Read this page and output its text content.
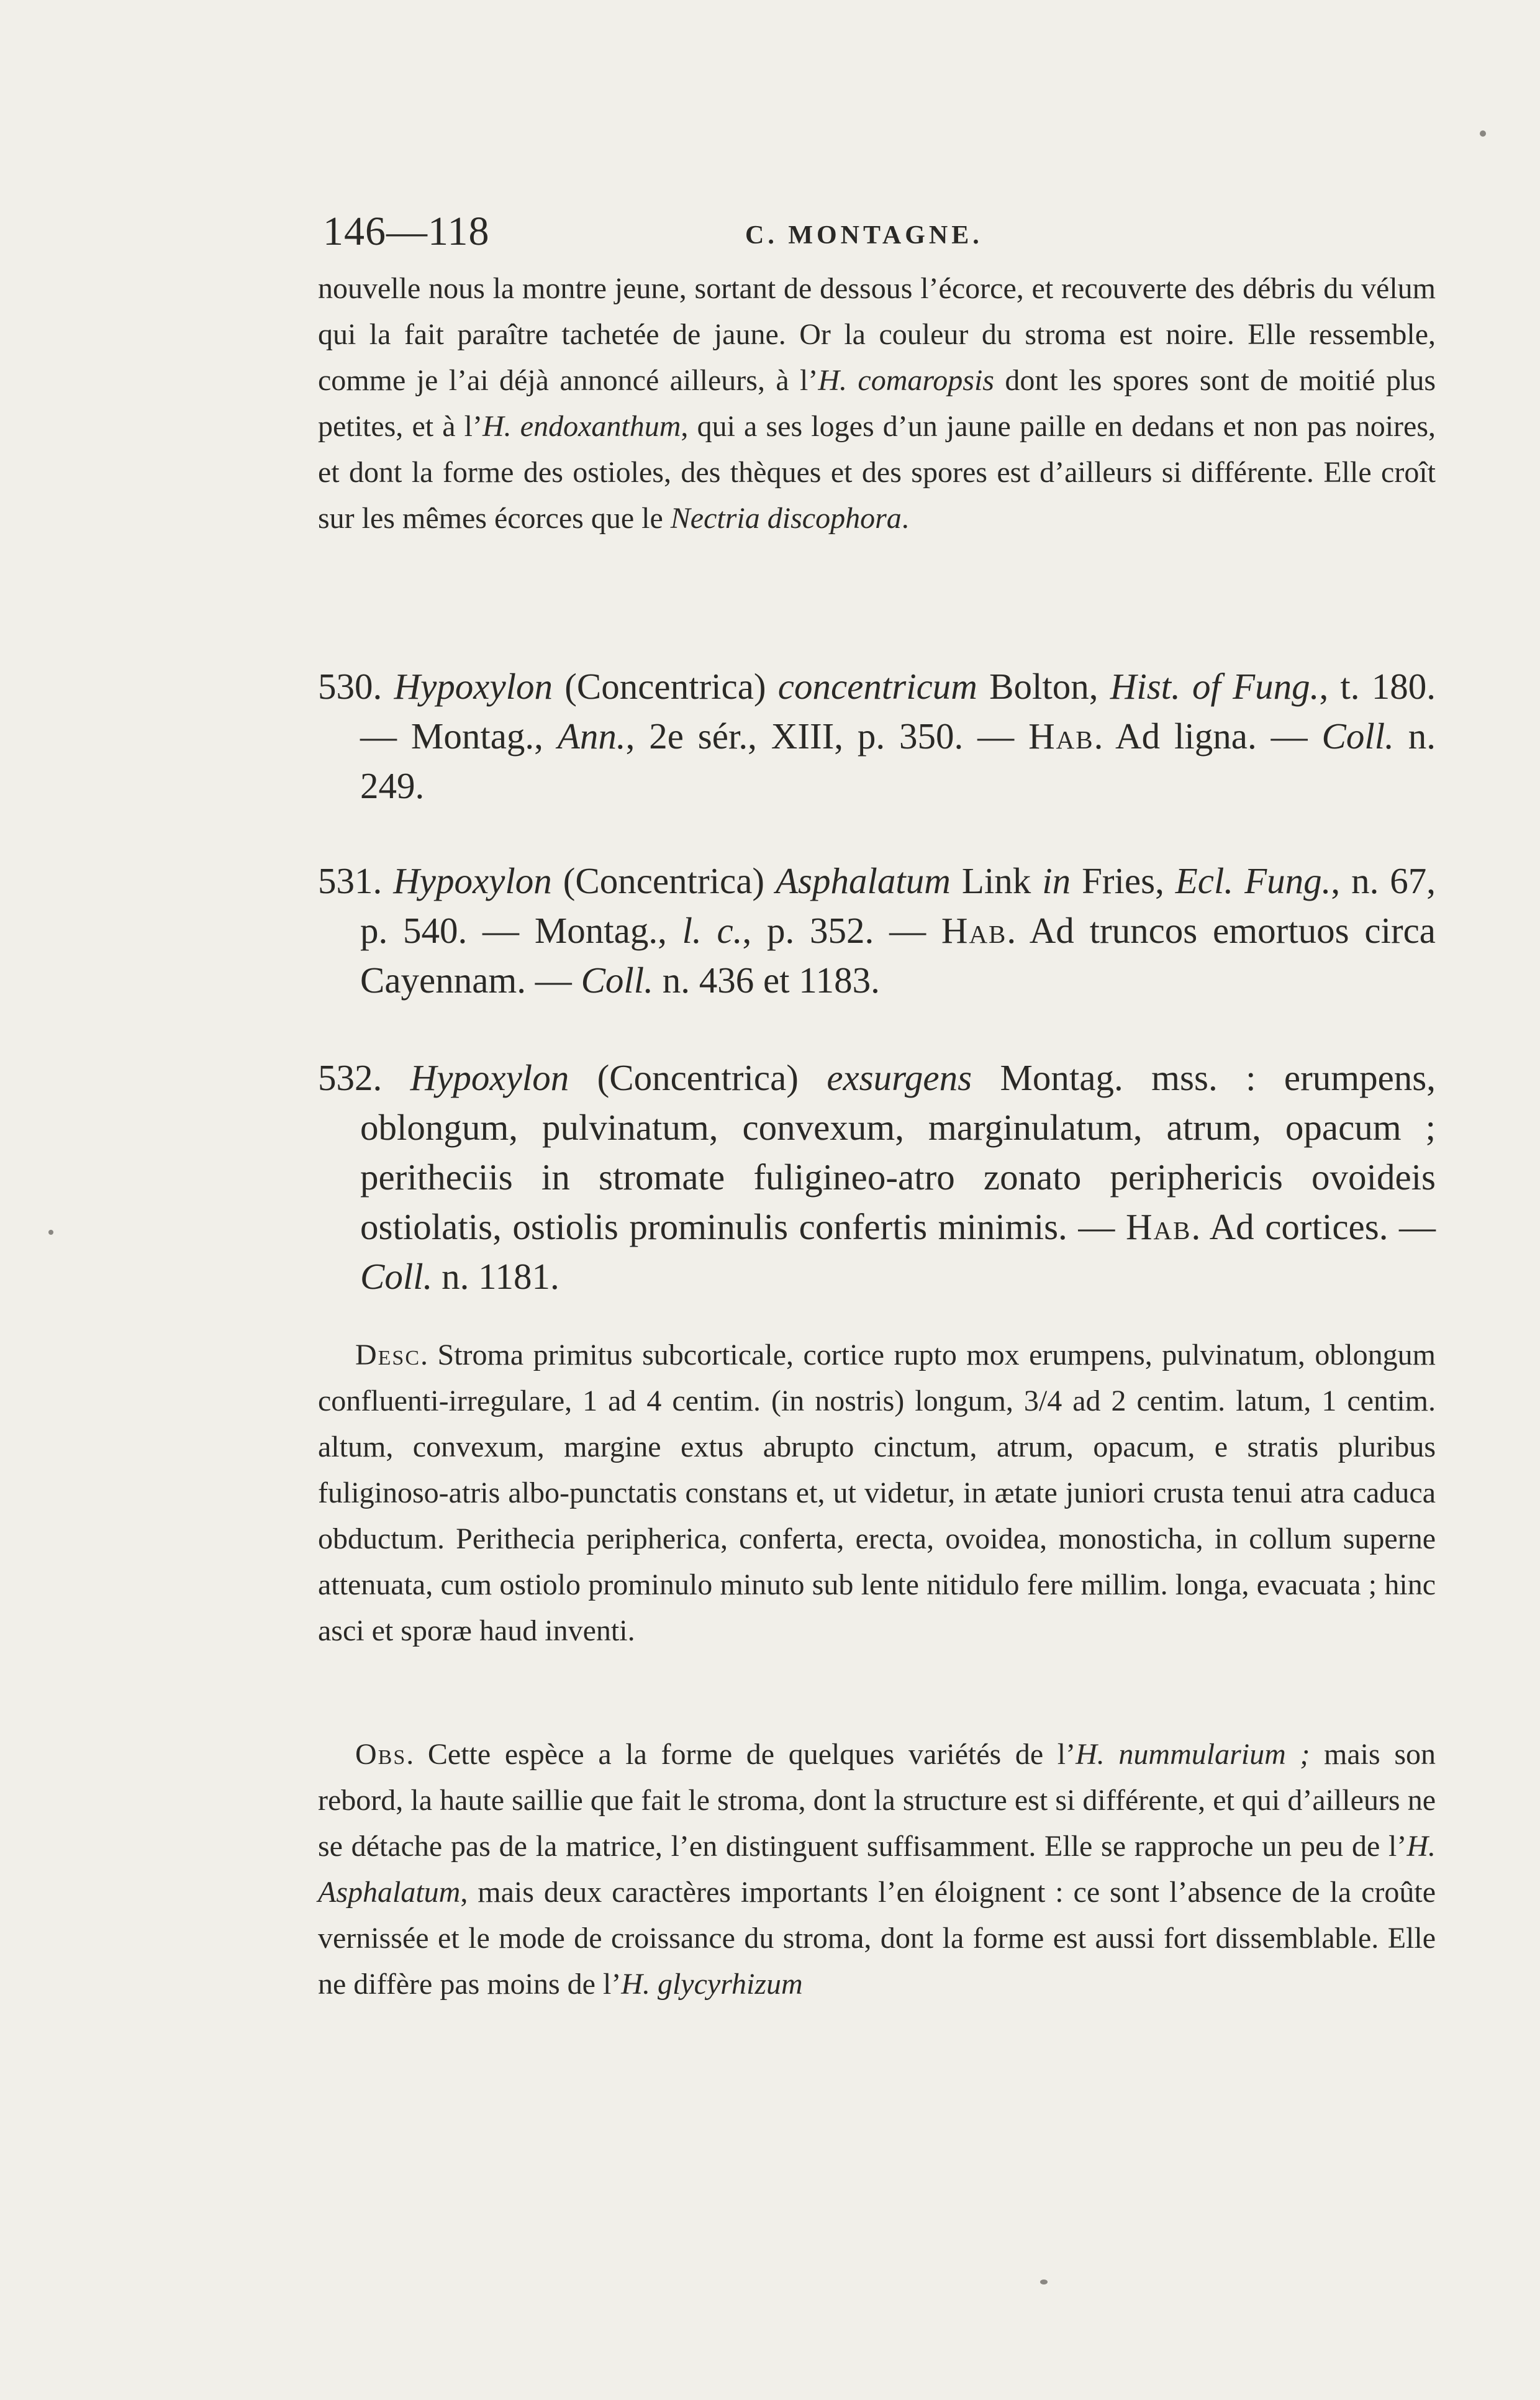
146—118	C. MONTAGNE.

nouvelle nous la montre jeune, sortant de dessous l’écorce, et recouverte des débris du vélum qui la fait paraître tachetée de jaune. Or la couleur du stroma est noire. Elle ressemble, comme je l’ai déjà annoncé ailleurs, à l’H. comaropsis dont les spores sont de moitié plus petites, et à l’H. endoxanthum, qui a ses loges d’un jaune paille en dedans et non pas noires, et dont la forme des ostioles, des thèques et des spores est d’ailleurs si différente. Elle croît sur les mêmes écorces que le Nectria discophora.

530. Hypoxylon (Concentrica) concentricum Bolton, Hist. of Fung., t. 180. — Montag., Ann., 2e sér., XIII, p. 350. — Hab. Ad ligna. — Coll. n. 249.

531. Hypoxylon (Concentrica) Asphalatum Link in Fries, Ecl. Fung., n. 67, p. 540. — Montag., l. c., p. 352. — Hab. Ad truncos emortuos circa Cayennam. — Coll. n. 436 et 1183.

532. Hypoxylon (Concentrica) exsurgens Montag. mss. : erumpens, oblongum, pulvinatum, convexum, marginulatum, atrum, opacum ; peritheciis in stromate fuligineo-atro zonato periphericis ovoideis ostiolatis, ostiolis prominulis confertis minimis. — Hab. Ad cortices. — Coll. n. 1181.

Desc. Stroma primitus subcorticale, cortice rupto mox erumpens, pulvinatum, oblongum confluenti-irregulare, 1 ad 4 centim. (in nostris) longum, 3/4 ad 2 centim. latum, 1 centim. altum, convexum, margine extus abrupto cinctum, atrum, opacum, e stratis pluribus fuliginoso-atris albo-punctatis constans et, ut videtur, in ætate juniori crusta tenui atra caduca obductum. Perithecia peripherica, conferta, erecta, ovoidea, monosticha, in collum superne attenuata, cum ostiolo prominulo minuto sub lente nitidulo fere millim. longa, evacuata ; hinc asci et sporæ haud inventi.

Obs. Cette espèce a la forme de quelques variétés de l’H. nummularium ; mais son rebord, la haute saillie que fait le stroma, dont la structure est si différente, et qui d’ailleurs ne se détache pas de la matrice, l’en distinguent suffisamment. Elle se rapproche un peu de l’H. Asphalatum, mais deux caractères importants l’en éloignent : ce sont l’absence de la croûte vernissée et le mode de croissance du stroma, dont la forme est aussi fort dissemblable. Elle ne diffère pas moins de l’H. glycyrhizum
